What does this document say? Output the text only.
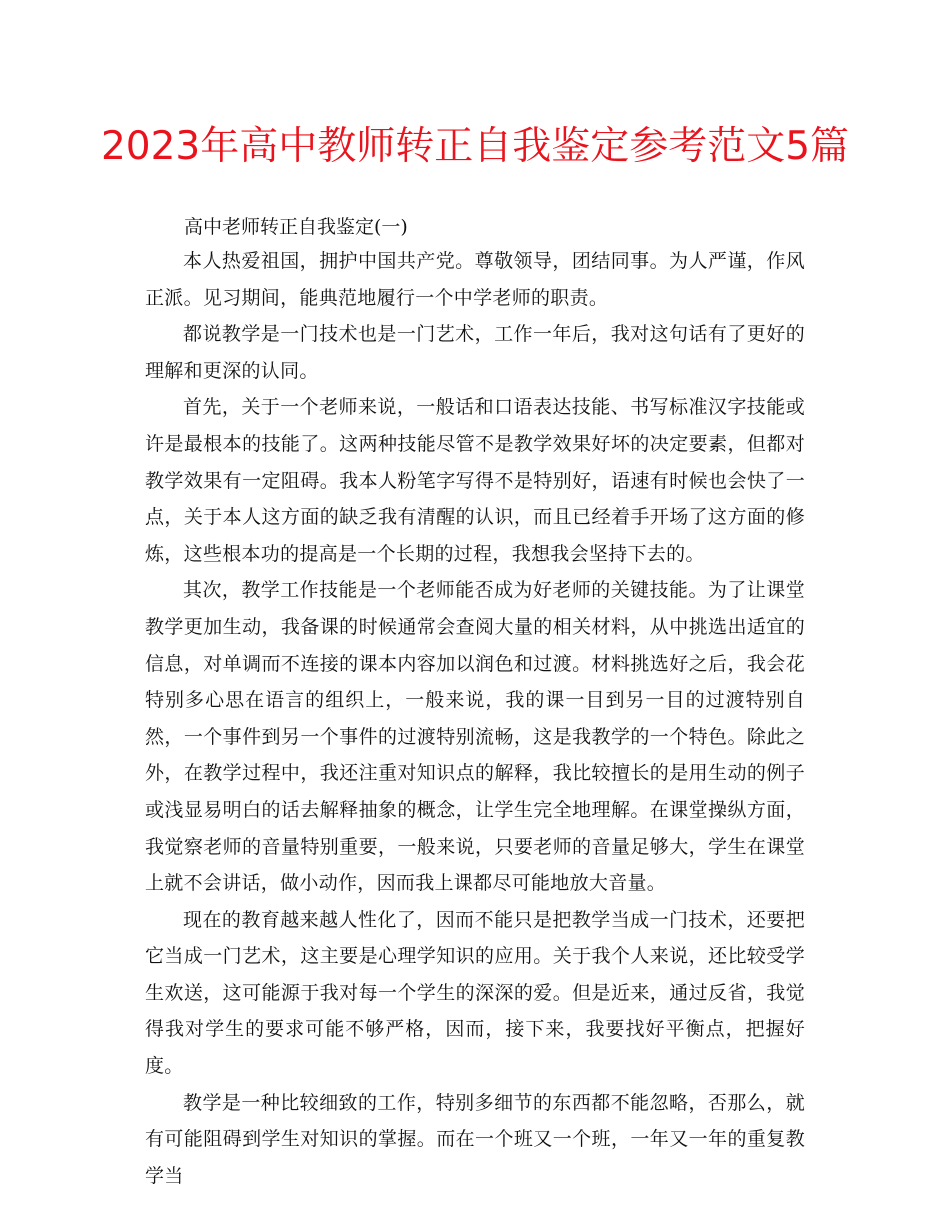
2023年高中教师转正自我鉴定参考范文5篇

高中老师转正自我鉴定(一)

本人热爱祖国，拥护中国共产党。尊敬领导，团结同事。为人严谨，作风正派。见习期间，能典范地履行一个中学老师的职责。

都说教学是一门技术也是一门艺术，工作一年后，我对这句话有了更好的理解和更深的认同。

首先，关于一个老师来说，一般话和口语表达技能、书写标准汉字技能或许是最根本的技能了。这两种技能尽管不是教学效果好坏的决定要素，但都对教学效果有一定阻碍。我本人粉笔字写得不是特别好，语速有时候也会快了一点，关于本人这方面的缺乏我有清醒的认识，而且已经着手开场了这方面的修炼，这些根本功的提高是一个长期的过程，我想我会坚持下去的。

其次，教学工作技能是一个老师能否成为好老师的关键技能。为了让课堂教学更加生动，我备课的时候通常会查阅大量的相关材料，从中挑选出适宜的信息，对单调而不连接的课本内容加以润色和过渡。材料挑选好之后，我会花特别多心思在语言的组织上，一般来说，我的课一目到另一目的过渡特别自然，一个事件到另一个事件的过渡特别流畅，这是我教学的一个特色。除此之外，在教学过程中，我还注重对知识点的解释，我比较擅长的是用生动的例子或浅显易明白的话去解释抽象的概念，让学生完全地理解。在课堂操纵方面，我觉察老师的音量特别重要，一般来说，只要老师的音量足够大，学生在课堂上就不会讲话，做小动作，因而我上课都尽可能地放大音量。

现在的教育越来越人性化了，因而不能只是把教学当成一门技术，还要把它当成一门艺术，这主要是心理学知识的应用。关于我个人来说，还比较受学生欢送，这可能源于我对每一个学生的深深的爱。但是近来，通过反省，我觉得我对学生的要求可能不够严格，因而，接下来，我要找好平衡点，把握好度。

教学是一种比较细致的工作，特别多细节的东西都不能忽略，否那么，就有可能阻碍到学生对知识的掌握。而在一个班又一个班，一年又一年的重复教学当
